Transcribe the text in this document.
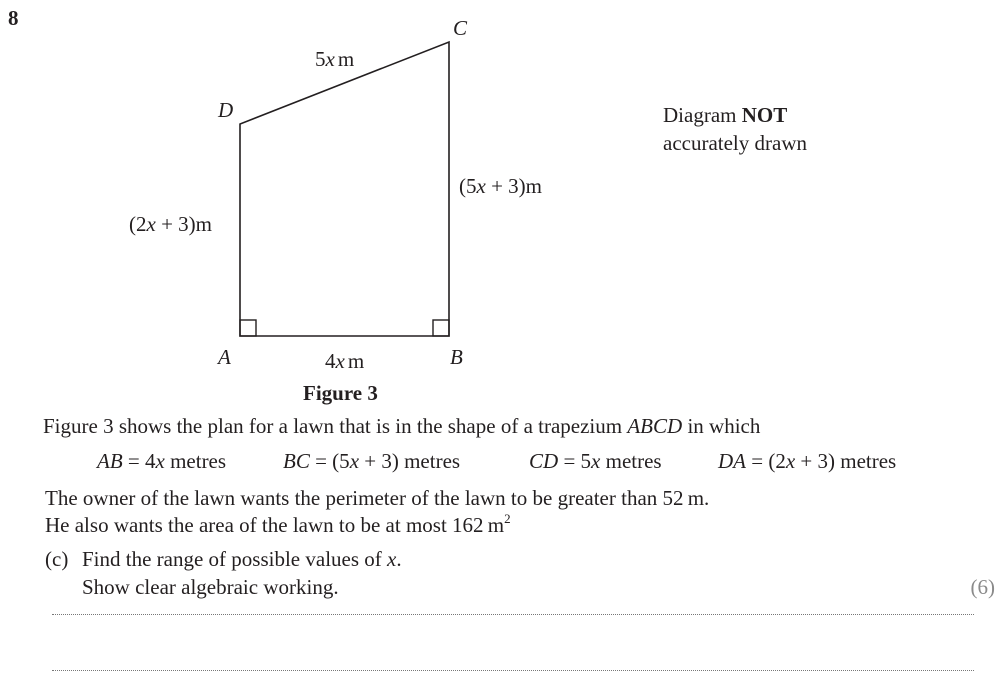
8	C
D
A	B
5x m
(5x + 3)m
(2x + 3)m
4x m
Diagram NOT
accurately drawn
Figure 3
Figure 3 shows the plan for a lawn that is in the shape of a trapezium ABCD in which
AB = 4x metres	BC = (5x + 3) metres	CD = 5x metres	DA = (2x + 3) metres
The owner of the lawn wants the perimeter of the lawn to be greater than 52 m.
He also wants the area of the lawn to be at most 162 $m^2$
(c) Find the range of possible values of x.
Show clear algebraic working.	(6)
